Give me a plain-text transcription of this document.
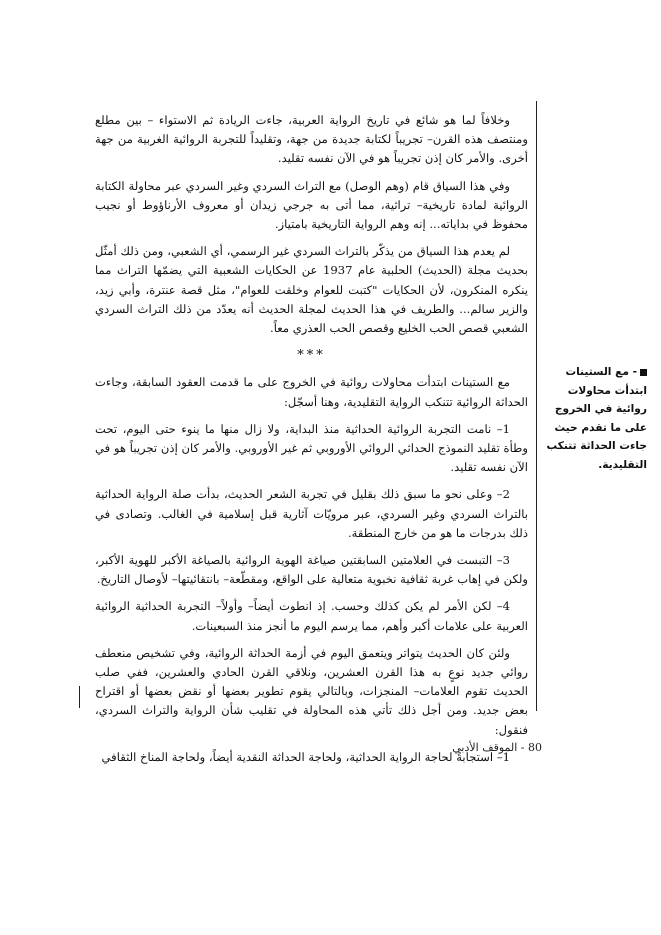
وخلافاً لما هو شائع في تاريخ الرواية العربية، جاءت الريادة ثم الاستواء – بين مطلع ومنتصف هذه القرن– تجريباً لكتابة جديدة من جهة، وتقليداً للتجربة الروائية الغربية من جهة أخرى. والأمر كان إذن تجريباً هو في الآن نفسه تقليد.

وفي هذا السياق قام (وهم الوصل) مع التراث السردي وغير السردي عبر محاولة الكتابة الروائية لمادة تاريخية– تراثية، مما أتى به جرجي زيدان أو معروف الأرناؤوط أو نجيب محفوظ في بداياته... إنه وهم الرواية التاريخية بامتياز.

لم يعدم هذا السياق من يذكّر بالتراث السردي غير الرسمي، أي الشعبي، ومن ذلك أمثّل بحديث مجلة (الحديث) الحلبية عام 1937 عن الحكايات الشعبية التي يضمّها التراث مما ينكره المنكرون، لأن الحكايات "كتبت للعوام وخلقت للعوام"، مثل قصة عنترة، وأبي زيد، والزير سالم... والطريف في هذا الحديث لمجلة الحديث أنه يعدّد من ذلك التراث السردي الشعبي قصص الحب الخليع وقصص الحب العذري معاً.

***

مع الستينات ابتدأت محاولات روائية في الخروج على ما قدمت العقود السابقة، وجاءت الحداثة الروائية تتنكب الرواية التقليدية، وهنا أسجّل:

1– نامت التجربة الروائية الحداثية منذ البداية، ولا زال منها ما ينوء حتى اليوم، تحت وطأة تقليد النموذج الحداثي الروائي الأوروبي ثم غير الأوروبي. والأمر كان إذن تجريباً هو في الآن نفسه تقليد.

2– وعلى نحو ما سبق ذلك بقليل في تجربة الشعر الحديث، بدأت صلة الرواية الحداثية بالتراث السردي وغير السردي، عبر مرويّات آثارية قبل إسلامية في الغالب. وتصادى في ذلك بدرجات ما هو من خارج المنطقة.

3– التبست في العلامتين السابقتين صياغة الهوية الروائية بالصياغة الأكبر للهوية الأكبر، ولكن في إهاب غربة ثقافية نخبوية متعالية على الواقع، ومقطّعة– بانتقائيتها– لأوصال التاريخ.

4– لكن الأمر لم يكن كذلك وحسب. إذ انطوت أيضاً– وأولاً– التجربة الحداثية الروائية العربية على علامات أكبر وأهم، مما يرسم اليوم ما أنجز منذ السبعينات.

ولئن كان الحديث يتواتر ويتعمق اليوم في أزمة الحداثة الروائية، وفي تشخيص منعطف روائي جديد نوعٍ به هذا القرن العشرين، ونلاقي القرن الحادي والعشرين، ففي صلب الحديث تقوم العلامات– المنجزات، وبالتالي يقوم تطوير بعضها أو نقض بعضها أو اقتراح بعض جديد. ومن أجل ذلك تأتي هذه المحاولة في تقليب شأن الرواية والتراث السردي، فنقول:

1– استجابةً لحاجة الرواية الحداثية، ولحاجة الحداثة النقدية أيضاً، ولحاجة المناخ الثقافي

- مع الستينات
ابتدأت محاولات
روائية في الخروج
على ما تقدم حيث
جاءت الحداثة تتنكب
التقليدية.
80 - الموقف الأدبي
